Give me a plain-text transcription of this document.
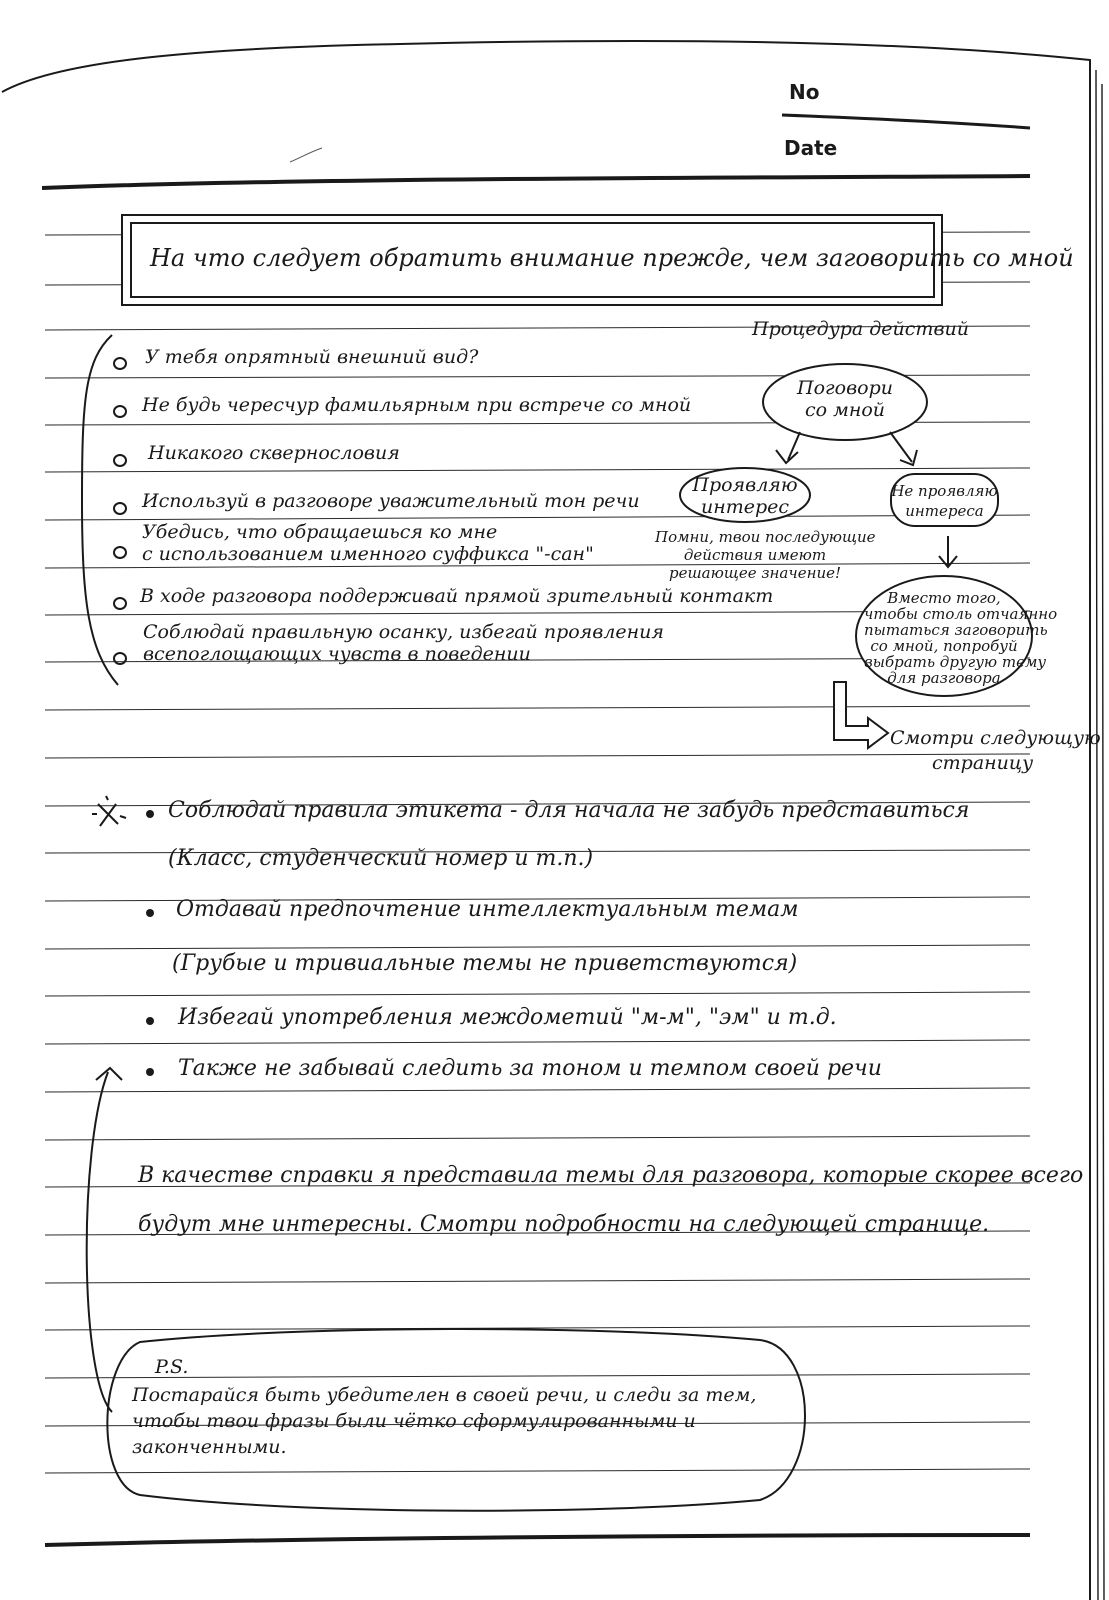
No
Date
На что следует обратить внимание прежде, чем заговорить со мной
У тебя опрятный внешний вид?
Не будь чересчур фамильярным при встрече со мной
Никакого сквернословия
Используй в разговоре уважительный тон речи
Убедись, что обращаешься ко мне
с использованием именного суффикса "-сан"
В ходе разговора поддерживай прямой зрительный контакт
Соблюдай правильную осанку, избегай проявления
всепоглощающих чувств в поведении
Процедура действий
Поговори
со мной
Проявляю
интерес
Не проявляю
интереса
Помни, твои последующие
действия имеют
решающее значение!
Вместо того,
чтобы столь отчаянно
пытаться заговорить
со мной, попробуй
выбрать другую тему
для разговора
Смотри следующую
страницу
Соблюдай правила этикета - для начала не забудь представиться
(Класс, студенческий номер и т.п.)
Отдавай предпочтение интеллектуальным темам
(Грубые и тривиальные темы не приветствуются)
Избегай употребления междометий "м-м", "эм" и т.д.
Также не забывай следить за тоном и темпом своей речи
В качестве справки я представила темы для разговора, которые скорее всего
будут мне интересны. Смотри подробности на следующей странице.
P.S.
Постарайся быть убедителен в своей речи, и следи за тем,
чтобы твои фразы были чётко сформулированными и
законченными.
